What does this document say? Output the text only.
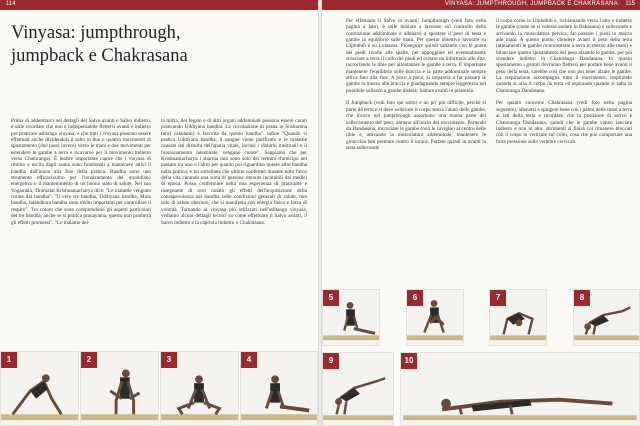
114
Vinyasa: jumpthrough,
jumpback e Chakrasana

Prima di addentrarci nel dettagli del Salvo avanti e Salvo indietro, è utile ricordare che non è indispensabile flettersi avanti e indietro per praticare ashtanga vinyasa, e che tutti i vinyasa possono essere effettuati anche dividendoli il salto in due o quattro movimenti di spostamento (due passi invece) verso le mani e due movimenti per estendere le gambe a terra e ricavarne per il movimento indietro verso Chaturanga). È inoltre importante capire che i vinyasa di ritorno e uscita dagli asana sono funzionali a mantenere attivi il bandha dall'inizio alla fine della pratica. Bandha sono uno strumento efficacissimo per l'innalzamento del quotidiano energetico e il mantenimento di un buono stato di salute. Nel suo Yogamālā, Tirumalai Krishnamacharya dice: "Le malattie vengono curate dal bandha". "Il vero tre bandha, Uddiyana bandha, Mula bandha, Jalandhara bandha sono molto importanti per controllare il respiro". Tra coloro che sono comprendono gli aspetti particolari dei tre bandha, anche se si pratica pranayama, questo non produrrà gli effetti promessi". "Le malattie del-

la milza, del fegato e di altri organi addominali possono essere curati praticando Uddiyana bandha. La circolazione di prana in Sushumna (altri cakelami) è favorita da questo bandha". infine "Quando si pratica Uddiyana bandha, il sangue viene purificato e le malattie causate dai disturbi dell'apatia vitale, inclusi i disturbi mestruali e il funzionamento intestinale, vengono curate". Sappiamo che per Krishnamacharya i sharma non sono solo dei termini d'anticipo nel passare tra uno o l'altro per quanto poi riguardino queste altre bandha nella pratica, e lui sottolinea che ultimo confermò durante tutto l'arco della vita curando una sorta di persone ritenute incurabili dai medici di epoca. Posso confermare nella mia esperienza di praticante e insegnante di aver notato gli effetti dell'acquisizione della consapevolezza dei bandha sulle condizioni generali di salute, non solo di salute ulteriore, che si manifesta con energia fisica e forza di volontà. Tornando ai vinyasa più utilizzati nell'ashtanga vinyasa, vediamo alcuni dettagli tecnici su come effettuare il Salvo avanti, il Salvo indietro e la capriola indietro o Chakrasana.

1	2	3	4
VINYASA: JUMPTHROUGH, JUMPBACK E CHAKRASANA 115

Per effettuare il Salvo in avanti, Jumpthrough (vedi foto nella pagina a lato), è utile iniziare a lavorare sul controllo della contrazione addominale e allenarsi a spostare il peso di testa e gambe in equilibrio sulle mani. Per questo obiettivo lavorate su Utpluthih e su Lolasana. Proseguire quindi saltando con le punte dei piedi rivolte alle spalle, per appoggiare ed eventualmente strisciare a terra il collo dei piedi ed evitare un infortunio alle dita, incrociando le tibie per allontanare le gambe a terra. È importante mantenere l'equilibrio sulle braccia e la parte addominale sempre attiva fino alla fine. A poco a poco, si imparerà a far passare le gambe in mezzo alle braccia e guadagnando sempre leggerezza nel possibile sollazzo a gambe distese. Saltare avanti in piramida.

Il Jumpback (vedi foto qui sotto) è un po' più difficile, perché si parte da terra e si deve sollevare il corpo senza l'aiuto delle gambe, che invece nel jumpthrough assorbono una buona parte del sollevamento del peso, almeno all'inizio del movimento. Partendo da Dandasana, incrociare le gambe (non le caviglie) al centro delle tibie e, attivando la muscolatura addominale, mantenere le ginocchia ben premute contro il torace. Portare quindi in avanti la testa sollevando

il corpo come in Utpluthih e, richiamando verso l'alto e indietro le gambe (come se si volesse andare in Bakasana) e sollevando e arrivando la muscolatura pelvica, far passare i piedi in mezzo alle mani. A questo punto, chiudere avanti il peso della testa (aliniamenti le gambe riconcentrate a terra in mezzo alle mani) e bilanciare questo spostamento del peso alzando le gambe, per poi scendere indietro in Chaturanga Dandasana. In questo spostamento i gomiti dovranno flettersi per portare bene avanti il peso della testa, sarebbe cosí che non poi tener alzate le gambe. La respirazione accompagna tutto il movimento, inspirando quando si alza il corpo da terra ed espirando quando si salta in Chaturanga Dandasana.

Per quanto concerne Chakrasana (vedi foto nella pagina seguente), allenarsi a spingere bene con i palmi delle mani a terra ai lati della testa e ricordarsi che la posizione di arrivo è Chaturanga Dandasana, quindi che le gambe vanno lanciate indietro e non in alto, altrimenti si finirà col rimanere bloccati con il corpo in verticale sul collo, cosa che può comportare una forte pressione sulle vertebre cervicali.

5	6	7	8
9	10
